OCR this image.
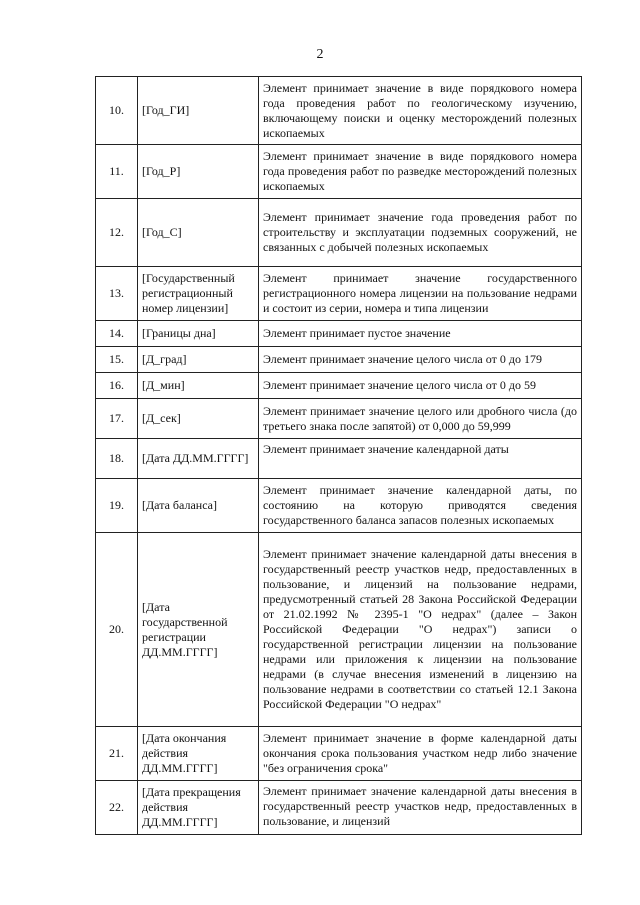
2
10.	[Год_ГИ]	Элемент принимает значение в виде порядкового номера года проведения работ по геологическому изучению, включающему поиски и оценку месторождений полезных ископаемых
11.	[Год_Р]	Элемент принимает значение в виде порядкового номера года проведения работ по разведке месторождений полезных ископаемых
12.	[Год_С]	Элемент принимает значение года проведения работ по строительству и эксплуатации подземных сооружений, не связанных с добычей полезных ископаемых
13.	[Государственный регистрационный номер лицензии]	Элемент принимает значение государственного регистрационного номера лицензии на пользование недрами и состоит из серии, номера и типа лицензии
14.	[Границы дна]	Элемент принимает пустое значение
15.	[Д_град]	Элемент принимает значение целого числа от 0 до 179
16.	[Д_мин]	Элемент принимает значение целого числа от 0 до 59
17.	[Д_сек]	Элемент принимает значение целого или дробного числа (до третьего знака после запятой) от 0,000 до 59,999
18.	[Дата ДД.ММ.ГГГГ]	Элемент принимает значение календарной даты
19.	[Дата баланса]	Элемент принимает значение календарной даты, по состоянию на которую приводятся сведения государственного баланса запасов полезных ископаемых
20.	[Дата государственной регистрации ДД.ММ.ГГГГ]	Элемент принимает значение календарной даты внесения в государственный реестр участков недр, предоставленных в пользование, и лицензий на пользование недрами, предусмотренный статьей 28 Закона Российской Федерации от 21.02.1992 № 2395-1 "О недрах" (далее – Закон Российской Федерации "О недрах") записи о государственной регистрации лицензии на пользование недрами или приложения к лицензии на пользование недрами (в случае внесения изменений в лицензию на пользование недрами в соответствии со статьей 12.1 Закона Российской Федерации "О недрах"
21.	[Дата окончания действия ДД.ММ.ГГГГ]	Элемент принимает значение в форме календарной даты окончания срока пользования участком недр либо значение "без ограничения срока"
22.	[Дата прекращения действия ДД.ММ.ГГГГ]	Элемент принимает значение календарной даты внесения в государственный реестр участков недр, предоставленных в пользование, и лицензий
